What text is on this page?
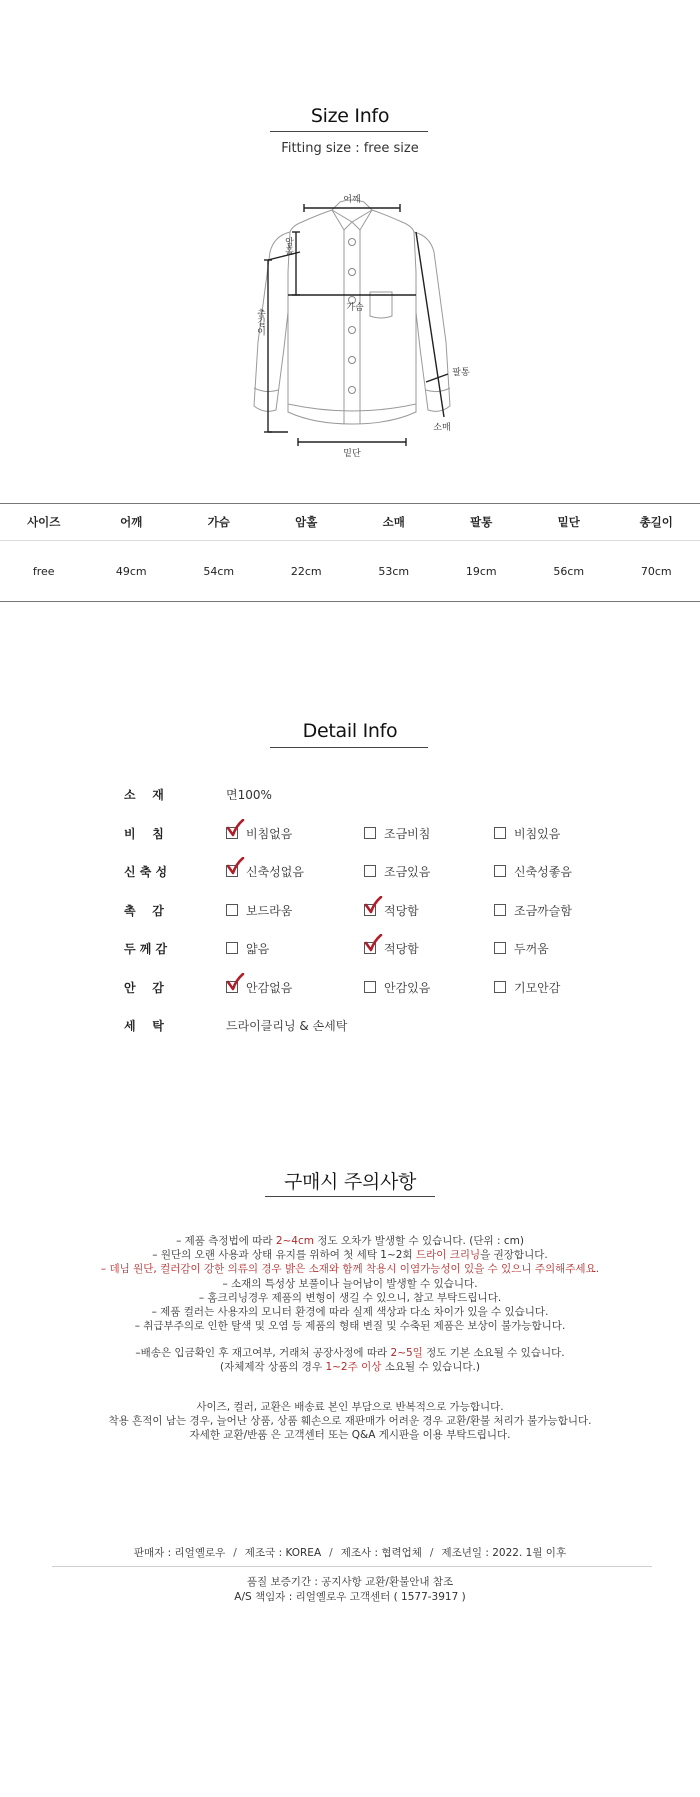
Size Info
Fitting size : free size
어깨
암홀
가슴
총길이
팔통
소매
밑단
사이즈	어깨	가슴	암홀	소매	팔통	밑단	총길이
free	49cm	54cm	22cm	53cm	19cm	56cm	70cm
Detail Info
소    재	면100%
비    침	비침없음	조금비침	비침있음
신 축 성	신축성없음	조금있음	신축성좋음
촉    감	보드라움	적당함	조금까슬함
두 께 감	얇음	적당함	두꺼움
안    감	안감없음	안감있음	기모안감
세    탁	드라이클리닝 & 손세탁
구매시 주의사항

– 제품 측정법에 따라 2~4cm 정도 오차가 발생할 수 있습니다. (단위 : cm)

– 원단의 오랜 사용과 상태 유지를 위하여 첫 세탁 1~2회 드라이 크리닝을 권장합니다.

– 데님 원단, 컬러감이 강한 의류의 경우 밝은 소재와 함께 착용시 이염가능성이 있을 수 있으니 주의해주세요.

– 소재의 특성상 보풀이나 늘어남이 발생할 수 있습니다.

– 홈크리닝경우 제품의 변형이 생길 수 있으니, 참고 부탁드립니다.

– 제품 컬러는 사용자의 모니터 환경에 따라 실제 색상과 다소 차이가 있을 수 있습니다.

– 취급부주의로 인한 탈색 및 오염 등 제품의 형태 변질 및 수축된 제품은 보상이 불가능합니다.

–배송은 입금확인 후 재고여부, 거래처 공장사정에 따라 2~5일 정도 기본 소요될 수 있습니다.

(자체제작 상품의 경우 1~2주 이상 소요될 수 있습니다.)

사이즈, 컬러, 교환은 배송료 본인 부담으로 반복적으로 가능합니다.

착용 흔적이 남는 경우, 늘어난 상품, 상품 훼손으로 재판매가 어려운 경우 교환/환불 처리가 불가능합니다.

자세한 교환/반품 은 고객센터 또는 Q&A 게시판을 이용 부탁드립니다.

판매자 : 리얼옐로우 / 제조국 : KOREA / 제조사 : 협력업체 / 제조년일 : 2022. 1월 이후
품질 보증기간 : 공지사항 교환/환불안내 참조
A/S 책임자 : 리얼옐로우 고객센터 ( 1577-3917 )
